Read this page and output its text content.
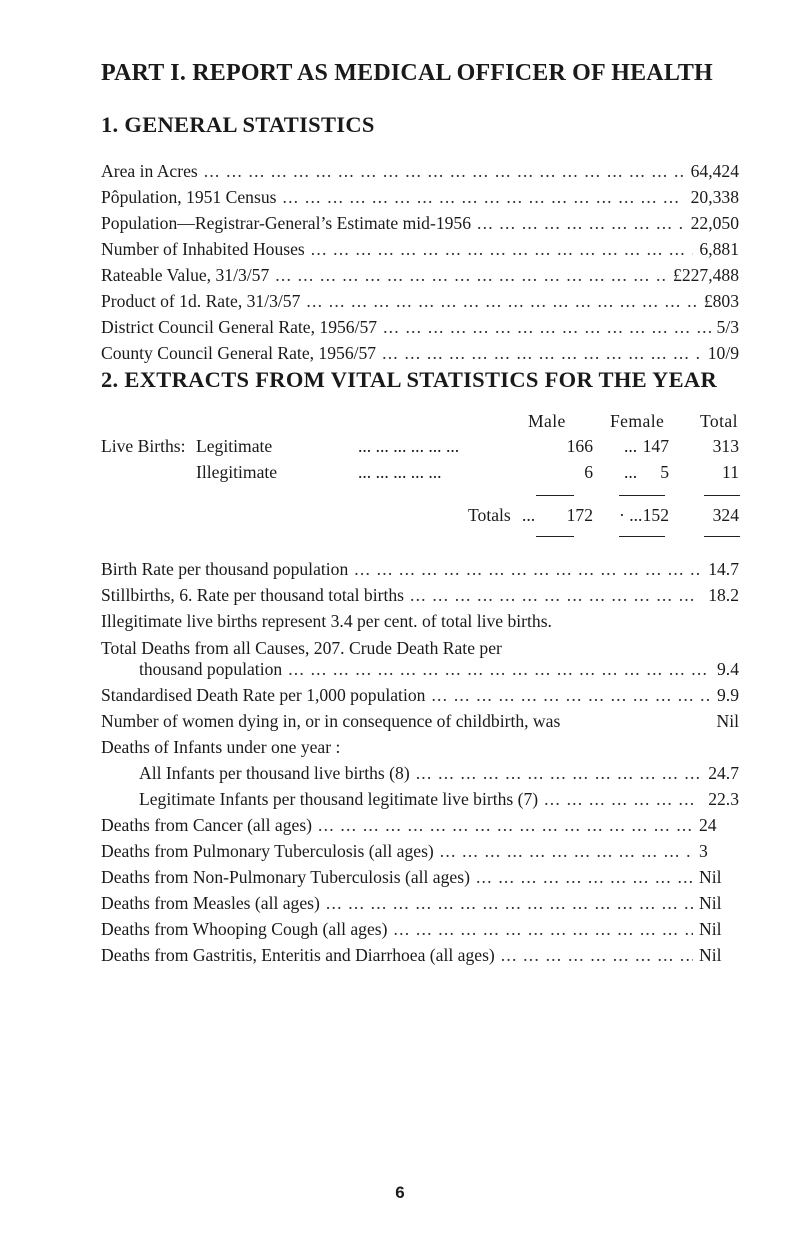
PART I. REPORT AS MEDICAL OFFICER OF HEALTH
1. GENERAL STATISTICS
Area in Acres ... .	64,424
Pôpulation, 1951 Census ... .	20,338
Population—Registrar-General’s Estimate mid-1956 ... .	22,050
Number of Inhabited Houses ... .	6,881
Rateable Value, 31/3/57 ... .	£227,488
Product of 1d. Rate, 31/3/57 ... .	£803
District Council General Rate, 1956/57 ... .	5/3
County Council General Rate, 1956/57 ... .	10/9
2. EXTRACTS FROM VITAL STATISTICS FOR THE YEAR
Male	Female Total
Live Births: Legitimate	... ... ... ... ... ...	166 ... 147 313
Illegitimate	... ... ... ... ...	6 ... 5	11
Totals ... 172 · ... 152 324
Birth Rate per thousand population ... .	14.7
Stillbirths, 6. Rate per thousand total births ... .	18.2
Illegitimate live births represent 3.4 per cent. of total live births.
Total Deaths from all Causes, 207. Crude Death Rate per
thousand population ... .	9.4
Standardised Death Rate per 1,000 population ... .	9.9
Number of women dying in, or in consequence of childbirth, was	Nil
Deaths of Infants under one year :
All Infants per thousand live births (8) ... .	24.7
Legitimate Infants per thousand legitimate live births (7) ... .	22.3
Deaths from Cancer (all ages) ... .	24
Deaths from Pulmonary Tuberculosis (all ages) ... .	3
Deaths from Non-Pulmonary Tuberculosis (all ages) ... .	Nil
Deaths from Measles (all ages) ... .	Nil
Deaths from Whooping Cough (all ages) ... .	Nil
Deaths from Gastritis, Enteritis and Diarrhoea (all ages) ... .	Nil
6
